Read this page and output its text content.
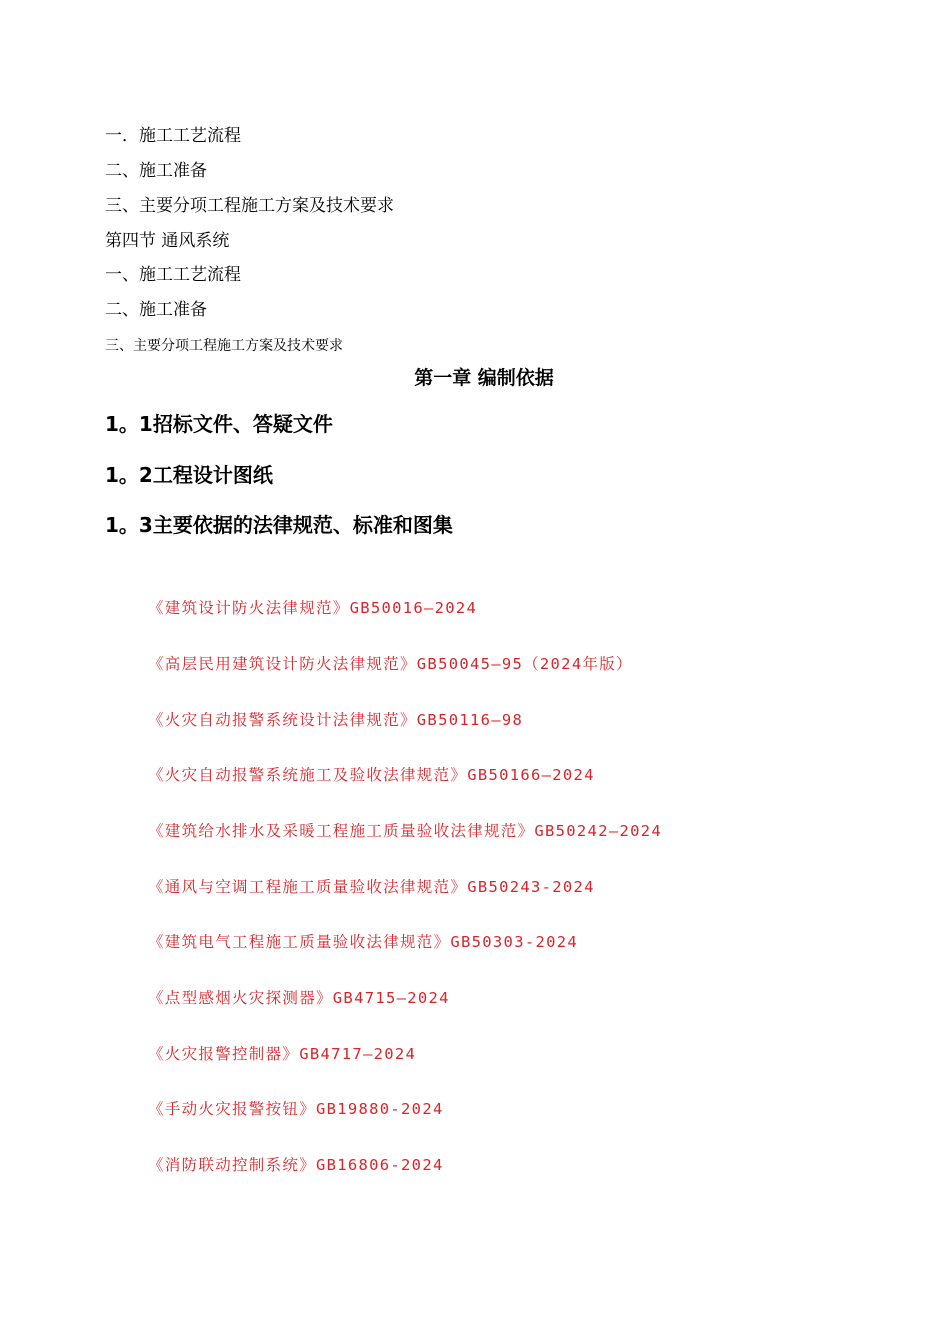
一．施工工艺流程
二、施工准备
三、主要分项工程施工方案及技术要求
第四节 通风系统
一、施工工艺流程
二、施工准备
三、主要分项工程施工方案及技术要求
第一章 编制依据
1。1招标文件、答疑文件
1。2工程设计图纸
1。3主要依据的法律规范、标准和图集
《建筑设计防火法律规范》GB50016—2024
《高层民用建筑设计防火法律规范》GB50045—95（2024年版）
《火灾自动报警系统设计法律规范》GB50116—98
《火灾自动报警系统施工及验收法律规范》GB50166—2024
《建筑给水排水及采暖工程施工质量验收法律规范》GB50242—2024
《通风与空调工程施工质量验收法律规范》GB50243-2024
《建筑电气工程施工质量验收法律规范》GB50303-2024
《点型感烟火灾探测器》GB4715—2024
《火灾报警控制器》GB4717—2024
《手动火灾报警按钮》GB19880-2024
《消防联动控制系统》GB16806-2024
